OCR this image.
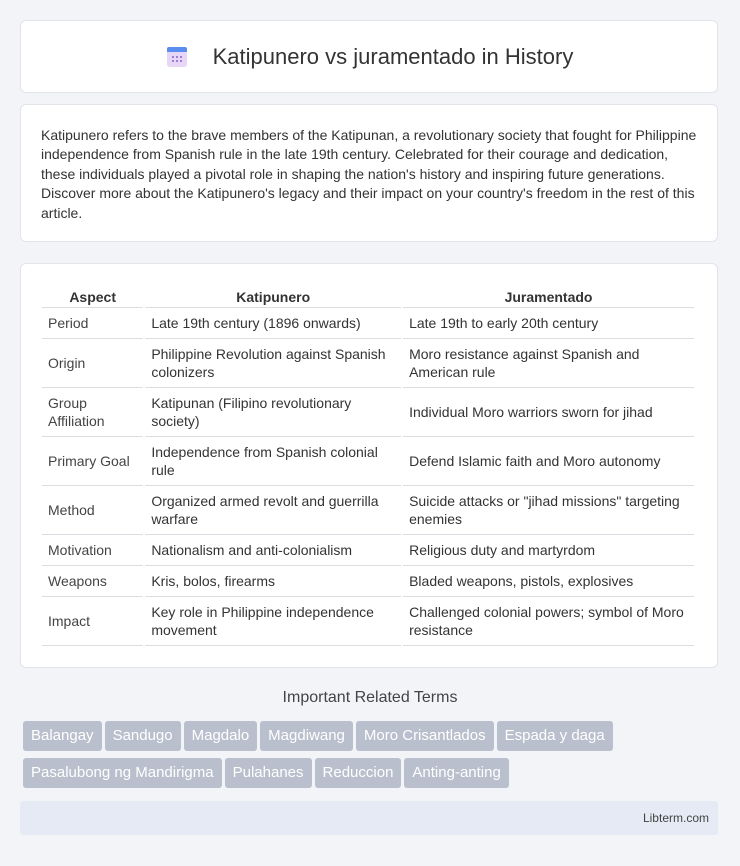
Katipunero vs juramentado in History

Katipunero refers to the brave members of the Katipunan, a revolutionary society that fought for Philippine independence from Spanish rule in the late 19th century. Celebrated for their courage and dedication, these individuals played a pivotal role in shaping the nation's history and inspiring future generations. Discover more about the Katipunero's legacy and their impact on your country's freedom in the rest of this article.

Aspect	Katipunero	Juramentado
Period	Late 19th century (1896 onwards)	Late 19th to early 20th century
Origin	Philippine Revolution against Spanish colonizers	Moro resistance against Spanish and American rule
Group Affiliation	Katipunan (Filipino revolutionary society)	Individual Moro warriors sworn for jihad
Primary Goal	Independence from Spanish colonial rule	Defend Islamic faith and Moro autonomy
Method	Organized armed revolt and guerrilla warfare	Suicide attacks or "jihad missions" targeting enemies
Motivation	Nationalism and anti-colonialism	Religious duty and martyrdom
Weapons	Kris, bolos, firearms	Bladed weapons, pistols, explosives
Impact	Key role in Philippine independence movement	Challenged colonial powers; symbol of Moro resistance
Important Related Terms
Balangay Sandugo Magdalo Magdiwang Moro Crisantlados Espada y dagaPasalubong ng Mandirigma Pulahanes Reduccion Anting-anting
Libterm.com
